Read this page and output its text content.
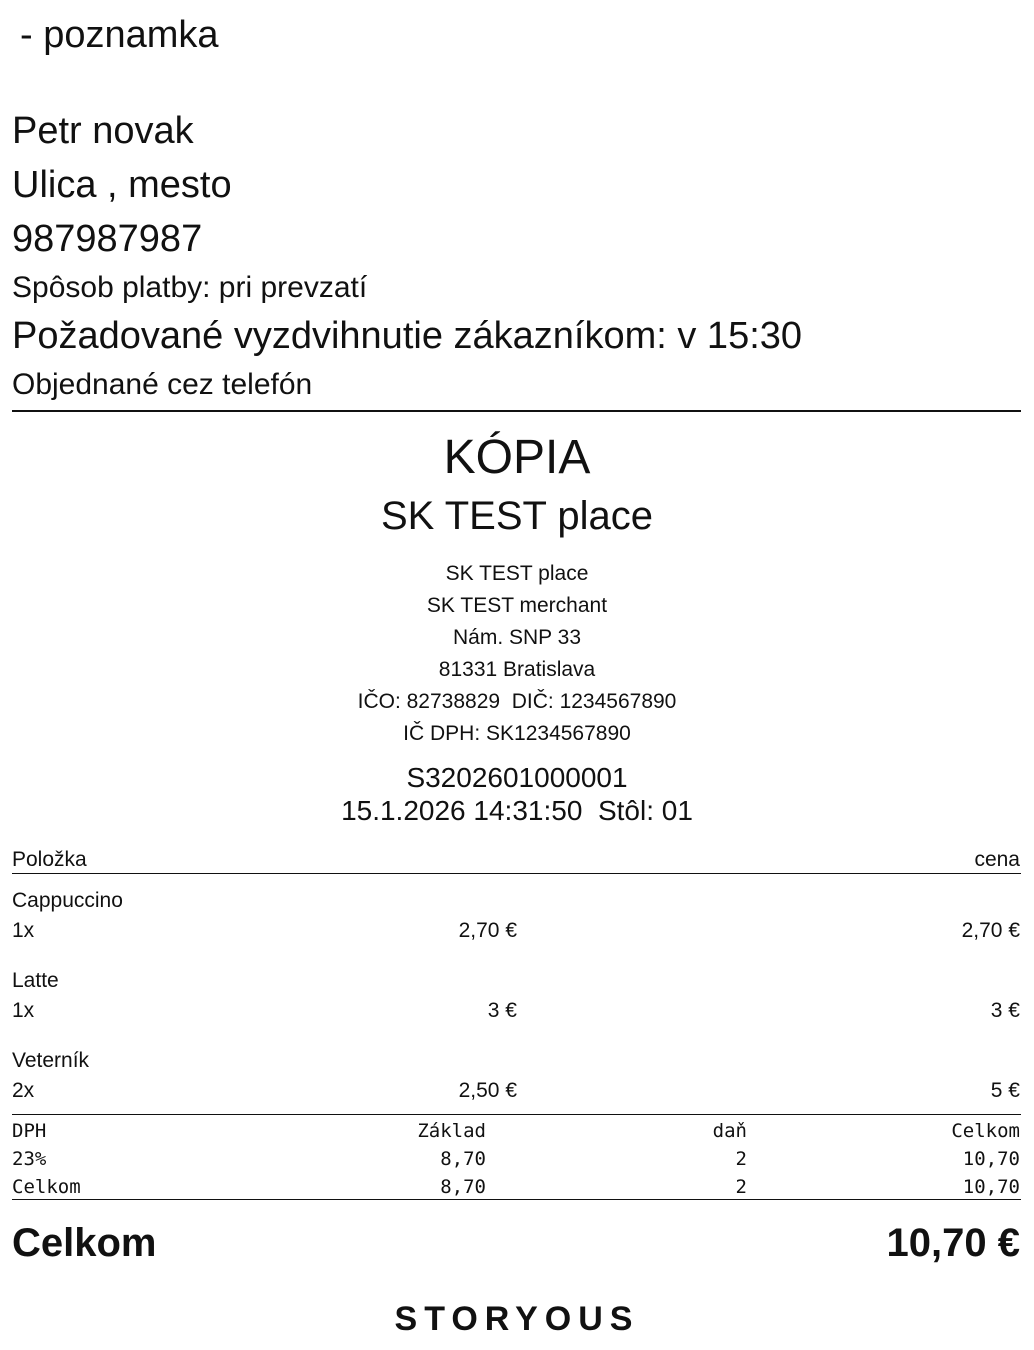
- poznamka
Petr novak
Ulica , mesto
987987987
Spôsob platby: pri prevzatí
Požadované vyzdvihnutie zákazníkom: v 15:30
Objednané cez telefón
KÓPIA
SK TEST place
SK TEST place
SK TEST merchant
Nám. SNP 33
81331 Bratislava
IČO: 82738829  DIČ: 1234567890
IČ DPH: SK1234567890
S3202601000001
15.1.2026 14:31:50  Stôl: 01
Položka	cena
Cappuccino
1x	2,70 €	2,70 €
Latte
1x	3 €	3 €
Veterník
2x	2,50 €	5 €
DPH	Základ	daň	Celkom
23%	8,70	2	10,70
Celkom	8,70	2	10,70
Celkom	10,70 €
STORYOUS
